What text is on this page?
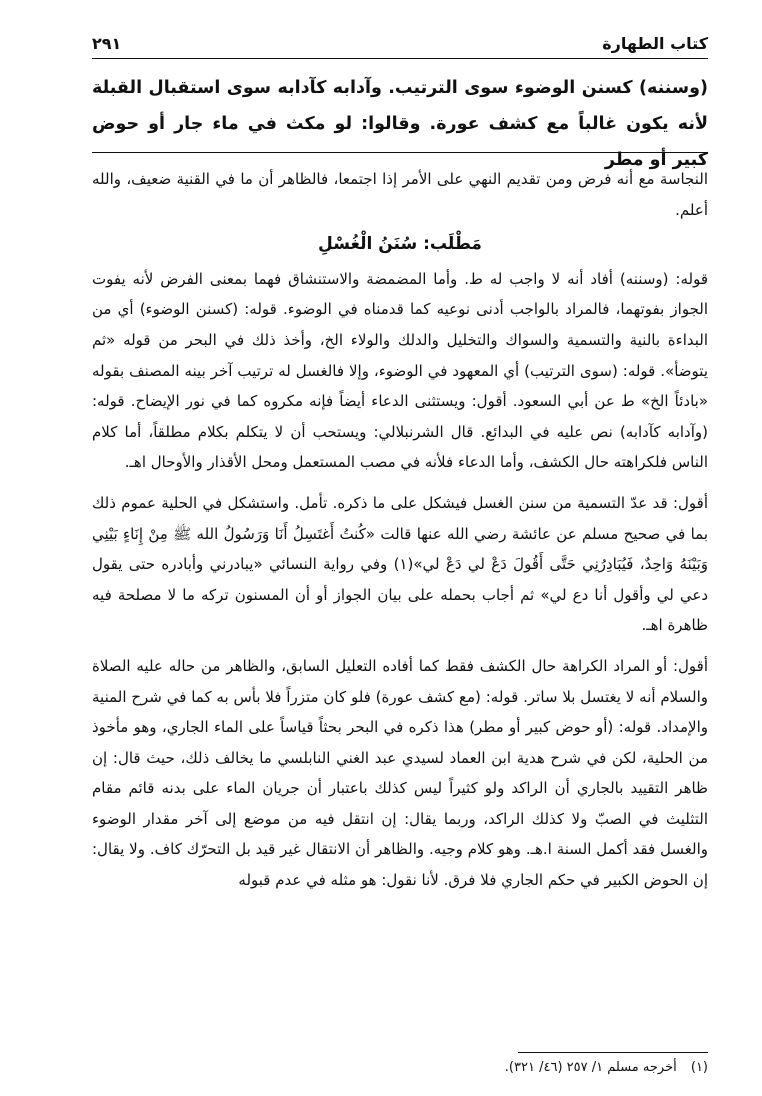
كتاب الطهارة
٢٩١
(وسننه) كسنن الوضوء سوى الترتيب. وآدابه كآدابه سوى استقبال القبلة لأنه يكون غالباً مع كشف عورة. وقالوا: لو مكث في ماء جار أو حوض كبير أو مطر

النجاسة مع أنه فرض ومن تقديم النهي على الأمر إذا اجتمعا، فالظاهر أن ما في القنية ضعيف، والله أعلم.

مَطْلَب: سُنَنُ الْغُسْلِ

قوله: (وسننه) أفاد أنه لا واجب له ط. وأما المضمضة والاستنشاق فهما بمعنى الفرض لأنه يفوت الجواز بفوتهما، فالمراد بالواجب أدنى نوعيه كما قدمناه في الوضوء. قوله: (كسنن الوضوء) أي من البداءة بالنية والتسمية والسواك والتخليل والدلك والولاء الخ، وأخذ ذلك في البحر من قوله «ثم يتوضأ». قوله: (سوى الترتيب) أي المعهود في الوضوء، وإلا فالغسل له ترتيب آخر بينه المصنف بقوله «بادئاً الخ» ط عن أبي السعود. أقول: ويستثنى الدعاء أيضاً فإنه مكروه كما في نور الإيضاح. قوله: (وآدابه كآدابه) نص عليه في البدائع. قال الشرنبلالي: ويستحب أن لا يتكلم بكلام مطلقاً، أما كلام الناس فلكراهته حال الكشف، وأما الدعاء فلأنه في مصب المستعمل ومحل الأقذار والأوحال اهـ.

أقول: قد عدّ التسمية من سنن الغسل فيشكل على ما ذكره. تأمل. واستشكل في الحلية عموم ذلك بما في صحيح مسلم عن عائشة رضي الله عنها قالت «كُنتُ أَغتَسِلُ أَنَا وَرَسُولُ الله ﷺ مِنْ إِنَاءٍ بَيْنِي وَبَيْنَهُ وَاحِدٌ، فَيُبَادِرُنِي حَتَّى أَقُولَ دَعْ لي دَعْ لي»(١) وفي رواية النسائي «يبادرني وأبادره حتى يقول دعي لي وأقول أنا دع لي» ثم أجاب بحمله على بيان الجواز أو أن المسنون تركه ما لا مصلحة فيه ظاهرة اهـ.

أقول: أو المراد الكراهة حال الكشف فقط كما أفاده التعليل السابق، والظاهر من حاله عليه الصلاة والسلام أنه لا يغتسل بلا ساتر. قوله: (مع كشف عورة) فلو كان متزراً فلا بأس به كما في شرح المنية والإمداد. قوله: (أو حوض كبير أو مطر) هذا ذكره في البحر بحثاً قياساً على الماء الجاري، وهو مأخوذ من الحلية، لكن في شرح هدية ابن العماد لسيدي عبد الغني النابلسي ما يخالف ذلك، حيث قال: إن ظاهر التقييد بالجاري أن الراكد ولو كثيراً ليس كذلك باعتبار أن جريان الماء على بدنه قائم مقام التثليث في الصبّ ولا كذلك الراكد، وربما يقال: إن انتقل فيه من موضع إلى آخر مقدار الوضوء والغسل فقد أكمل السنة ا.هـ. وهو كلام وجيه. والظاهر أن الانتقال غير قيد بل التحرّك كاف. ولا يقال: إن الحوض الكبير في حكم الجاري فلا فرق. لأنا نقول: هو مثله في عدم قبوله

(١) أخرجه مسلم ١/ ٢٥٧ (٤٦/ ٣٢١).
